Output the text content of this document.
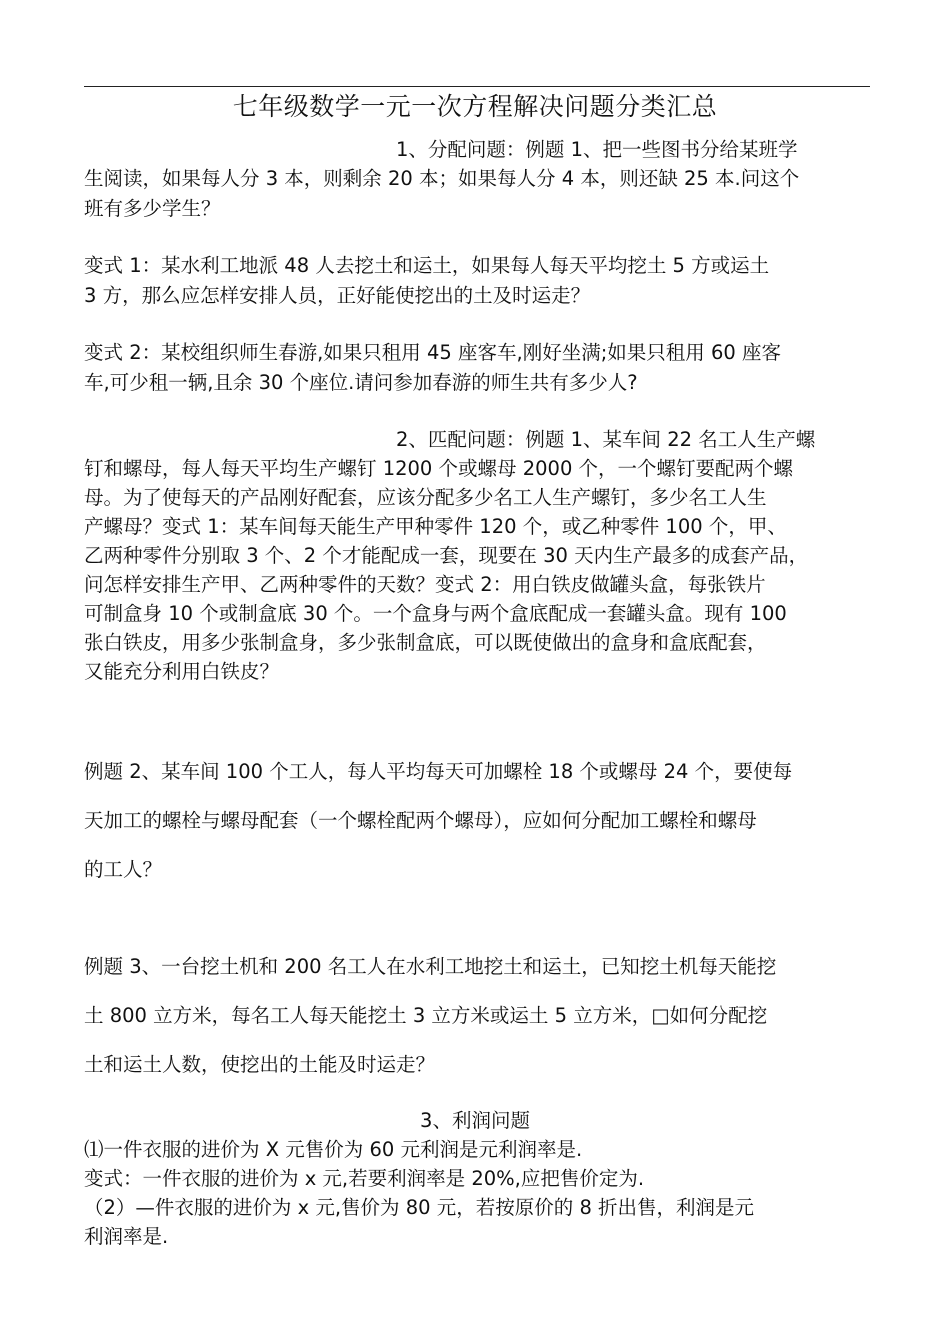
七年级数学一元一次方程解决问题分类汇总
1、分配问题：例题 1、把一些图书分给某班学
生阅读，如果每人分 3 本，则剩余 20 本；如果每人分 4 本，则还缺 25 本.问这个
班有多少学生？
变式 1：某水利工地派 48 人去挖土和运土，如果每人每天平均挖土 5 方或运土
3 方，那么应怎样安排人员，正好能使挖出的土及时运走？
变式 2：某校组织师生春游,如果只租用 45 座客车,刚好坐满;如果只租用 60 座客
车,可少租一辆,且余 30 个座位.请问参加春游的师生共有多少人?
2、匹配问题：例题 1、某车间 22 名工人生产螺
钉和螺母，每人每天平均生产螺钉 1200 个或螺母 2000 个，一个螺钉要配两个螺
母。为了使每天的产品刚好配套，应该分配多少名工人生产螺钉，多少名工人生
产螺母？变式 1：某车间每天能生产甲种零件 120 个，或乙种零件 100 个，甲、
乙两种零件分别取 3 个、2 个才能配成一套，现要在 30 天内生产最多的成套产品，
问怎样安排生产甲、乙两种零件的天数？变式 2：用白铁皮做罐头盒，每张铁片
可制盒身 10 个或制盒底 30 个。一个盒身与两个盒底配成一套罐头盒。现有 100
张白铁皮，用多少张制盒身，多少张制盒底，可以既使做出的盒身和盒底配套，
又能充分利用白铁皮？
例题 2、某车间 100 个工人，每人平均每天可加螺栓 18 个或螺母 24 个，要使每
天加工的螺栓与螺母配套（一个螺栓配两个螺母），应如何分配加工螺栓和螺母
的工人？
例题 3、一台挖土机和 200 名工人在水利工地挖土和运土，已知挖土机每天能挖
土 800 立方米，每名工人每天能挖土 3 立方米或运土 5 立方米，□如何分配挖
土和运土人数，使挖出的土能及时运走？
3、利润问题
⑴一件衣服的进价为 X 元售价为 60 元利润是元利润率是.
变式：一件衣服的进价为 x 元,若要利润率是 20%,应把售价定为.
（2）—件衣服的进价为 x 元,售价为 80 元，若按原价的 8 折出售，利润是元
利润率是.
